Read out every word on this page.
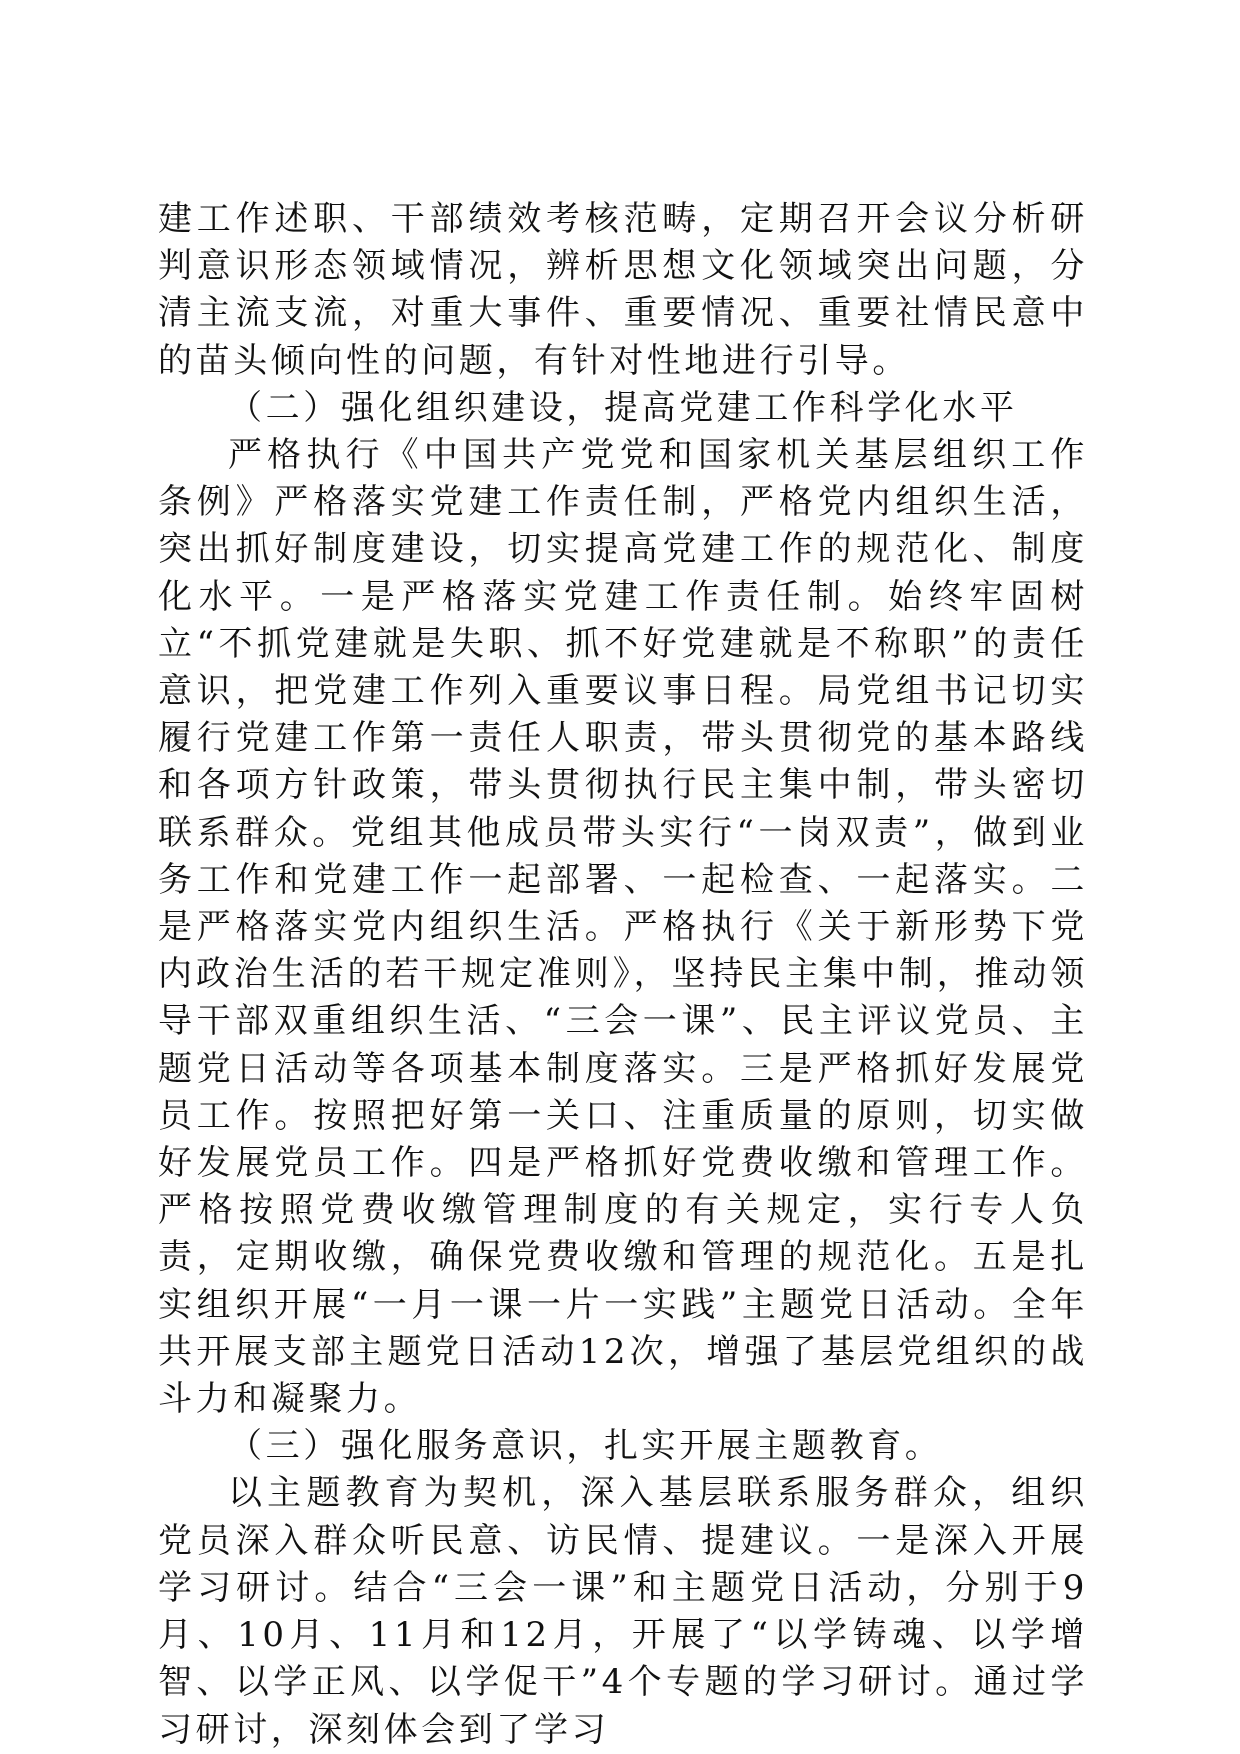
建工作述职、干部绩效考核范畴，定期召开会议分析研判意识形态领域情况，辨析思想文化领域突出问题，分清主流支流，对重大事件、重要情况、重要社情民意中的苗头倾向性的问题，有针对性地进行引导。

（二）强化组织建设，提高党建工作科学化水平

严格执行《中国共产党党和国家机关基层组织工作条例》严格落实党建工作责任制，严格党内组织生活，突出抓好制度建设，切实提高党建工作的规范化、制度化水平。一是严格落实党建工作责任制。始终牢固树立“不抓党建就是失职、抓不好党建就是不称职”的责任意识，把党建工作列入重要议事日程。局党组书记切实履行党建工作第一责任人职责，带头贯彻党的基本路线和各项方针政策，带头贯彻执行民主集中制，带头密切联系群众。党组其他成员带头实行“一岗双责”，做到业务工作和党建工作一起部署、一起检查、一起落实。二是严格落实党内组织生活。严格执行《关于新形势下党内政治生活的若干规定准则》，坚持民主集中制，推动领导干部双重组织生活、“三会一课”、民主评议党员、主题党日活动等各项基本制度落实。三是严格抓好发展党员工作。按照把好第一关口、注重质量的原则，切实做好发展党员工作。四是严格抓好党费收缴和管理工作。严格按照党费收缴管理制度的有关规定，实行专人负责，定期收缴，确保党费收缴和管理的规范化。五是扎实组织开展“一月一课一片一实践”主题党日活动。全年共开展支部主题党日活动12次，增强了基层党组织的战斗力和凝聚力。

（三）强化服务意识，扎实开展主题教育。

以主题教育为契机，深入基层联系服务群众，组织党员深入群众听民意、访民情、提建议。一是深入开展学习研讨。结合“三会一课”和主题党日活动，分别于9月、10月、11月和12月，开展了“以学铸魂、以学增智、以学正风、以学促干”4个专题的学习研讨。通过学习研讨，深刻体会到了学习
